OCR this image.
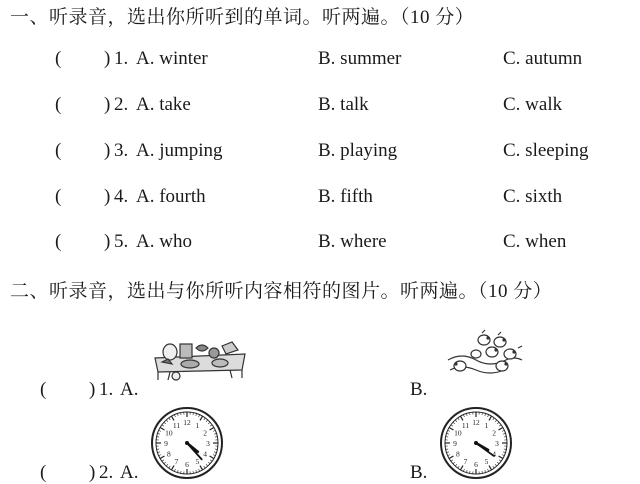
一、听录音，选出你所听到的单词。听两遍。（10 分）
( ) 1. A. winter	B. summer	C. autumn
( ) 2. A. take	B. talk	C. walk
( ) 3. A. jumping	B. playing	C. sleeping
( ) 4. A. fourth	B. fifth	C. sixth
( ) 5. A. who	B. where	C. when
二、听录音，选出与你所听内容相符的图片。听两遍。（10 分）
( ) 1. A.	B.
( ) 2. A.	B.
12 1
2
3
4
5
6
7
8
9
10
11	12 1
2
3
4
5
6
7
8
9
10
11
